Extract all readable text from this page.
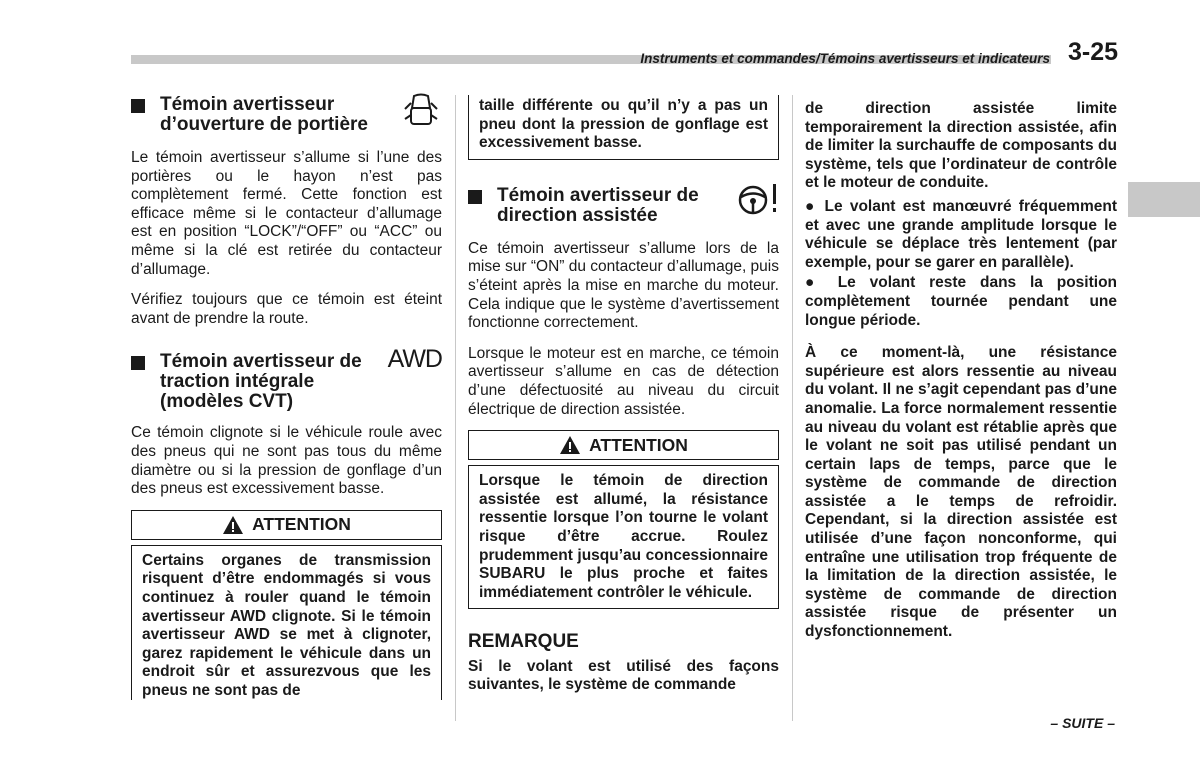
Instruments et commandes/Témoins avertisseurs et indicateurs 3-25
Témoin avertisseur
d’ouverture de portière

Le témoin avertisseur s’allume si l’une des portières ou le hayon n’est pas complètement fermé. Cette fonction est efficace même si le contacteur d’allumage est en position “LOCK”/“OFF” ou “ACC” ou même si la clé est retirée du contacteur d’allumage.

Vérifiez toujours que ce témoin est éteint avant de prendre la route.

Témoin avertisseur de
traction intégrale
(modèles CVT)
AWD

Ce témoin clignote si le véhicule roule avec des pneus qui ne sont pas tous du même diamètre ou si la pression de gonflage d’un des pneus est excessivement basse.

ATTENTION
Certains organes de transmission risquent d’être endommagés si vous continuez à rouler quand le témoin avertisseur AWD clignote. Si le témoin avertisseur AWD se met à clignoter, garez rapidement le véhicule dans un endroit sûr et assurezvous que les pneus ne sont pas de
taille différente ou qu’il n’y a pas un pneu dont la pression de gonflage est excessivement basse.
Témoin avertisseur de
direction assistée

Ce témoin avertisseur s’allume lors de la mise sur “ON” du contacteur d’allumage, puis s’éteint après la mise en marche du moteur. Cela indique que le système d’avertissement fonctionne correctement.

Lorsque le moteur est en marche, ce témoin avertisseur s’allume en cas de détection d’une défectuosité au niveau du circuit électrique de direction assistée.

ATTENTION
Lorsque le témoin de direction assistée est allumé, la résistance ressentie lorsque l’on tourne le volant risque d’être accrue. Roulez prudemment jusqu’au concessionnaire SUBARU le plus proche et faites immédiatement contrôler le véhicule.
REMARQUE

Si le volant est utilisé des façons suivantes, le système de commande

de direction assistée limite temporairement la direction assistée, afin de limiter la surchauffe de composants du système, tels que l’ordinateur de contrôle et le moteur de conduite.

● Le volant est manœuvré fréquemment et avec une grande amplitude lorsque le véhicule se déplace très lentement (par exemple, pour se garer en parallèle).

● Le volant reste dans la position complètement tournée pendant une longue période.

À ce moment-là, une résistance supérieure est alors ressentie au niveau du volant. Il ne s’agit cependant pas d’une anomalie. La force normalement ressentie au niveau du volant est rétablie après que le volant ne soit pas utilisé pendant un certain laps de temps, parce que le système de commande de direction assistée a le temps de refroidir. Cependant, si la direction assistée est utilisée d’une façon nonconforme, qui entraîne une utilisation trop fréquente de la limitation de la direction assistée, le système de commande de direction assistée risque de présenter un dysfonctionnement.

– SUITE –
